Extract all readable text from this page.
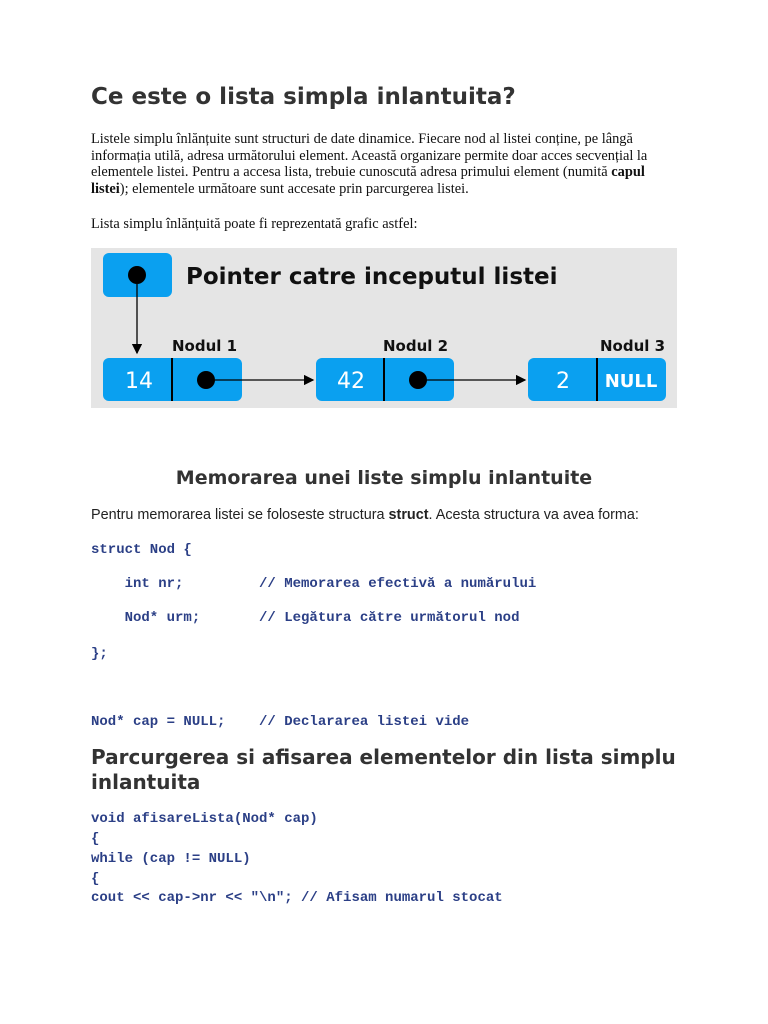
Ce este o lista simpla inlantuita?

Listele simplu înlănțuite sunt structuri de date dinamice. Fiecare nod al listei conține, pe lângă informația utilă, adresa următorului element. Această organizare permite doar acces secvențial la elementele listei. Pentru a accesa lista, trebuie cunoscută adresa primului element (numită capul listei); elementele următoare sunt accesate prin parcurgerea listei.

Lista simplu înlănțuită poate fi reprezentată grafic astfel:

Pointer catre inceputul listei
Nodul 1	Nodul 2	Nodul 3
14	42	2 NULL
Memorarea unei liste simplu inlantuite

Pentru memorarea listei se foloseste structura struct. Acesta structura va avea forma:

struct Nod {
int nr;         // Memorarea efectivă a numărului
Nod* urm;       // Legătura către următorul nod
};
Nod* cap = NULL;    // Declararea listei vide
Parcurgerea si afisarea elementelor din lista simplu inlantuita
void afisareLista(Nod* cap)
{
while (cap != NULL)
{
cout << cap->nr << "\n"; // Afisam numarul stocat
